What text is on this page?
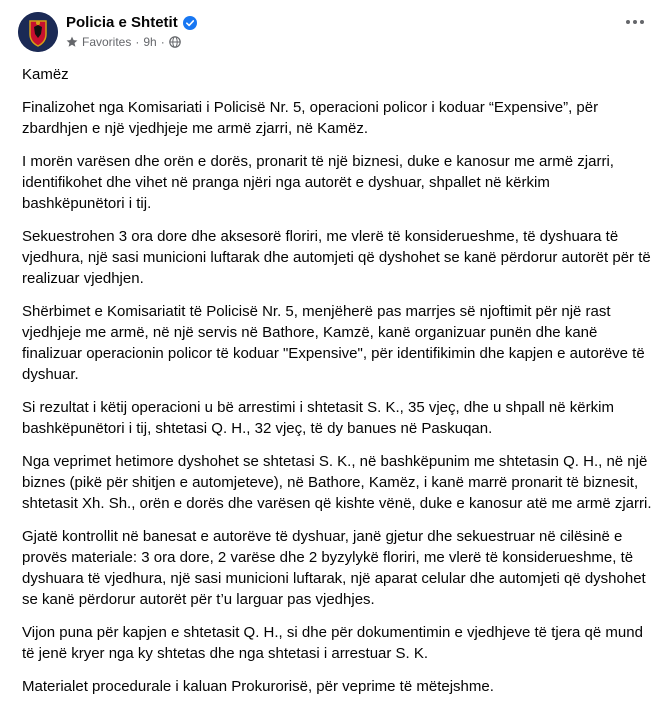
Policia e Shtetit
Favorites · 9h ·

Kamëz

Finalizohet nga Komisariati i Policisë Nr. 5, operacioni policor i koduar “Expensive”, për zbardhjen e një vjedhjeje me armë zjarri, në Kamëz.

I morën varësen dhe orën e dorës, pronarit të një biznesi, duke e kanosur me armë zjarri, identifikohet dhe vihet në pranga njëri nga autorët e dyshuar, shpallet në kërkim bashkëpunëtori i tij.

Sekuestrohen 3 ora dore dhe aksesorë floriri, me vlerë të konsiderueshme, të dyshuara të vjedhura, një sasi municioni luftarak dhe automjeti që dyshohet se kanë përdorur autorët për të realizuar vjedhjen.

Shërbimet e Komisariatit të Policisë Nr. 5, menjëherë pas marrjes së njoftimit për një rast vjedhjeje me armë, në një servis në Bathore, Kamzë, kanë organizuar punën dhe kanë finalizuar operacionin policor të koduar "Expensive", për identifikimin dhe kapjen e autorëve të dyshuar.

Si rezultat i këtij operacioni u bë arrestimi i shtetasit S. K., 35 vjeç, dhe u shpall në kërkim bashkëpunëtori i tij, shtetasi Q. H., 32 vjeç, të dy banues në Paskuqan.

Nga veprimet hetimore dyshohet se shtetasi S. K., në bashkëpunim me shtetasin Q. H., në një biznes (pikë për shitjen e automjeteve), në Bathore, Kamëz, i kanë marrë pronarit të biznesit, shtetasit Xh. Sh., orën e dorës dhe varësen që kishte vënë, duke e kanosur atë me armë zjarri.

Gjatë kontrollit në banesat e autorëve të dyshuar, janë gjetur dhe sekuestruar në cilësinë e provës materiale: 3 ora dore, 2 varëse dhe 2 byzylykë floriri, me vlerë të konsiderueshme, të dyshuara të vjedhura, një sasi municioni luftarak, një aparat celular dhe automjeti që dyshohet se kanë përdorur autorët për t’u larguar pas vjedhjes.

Vijon puna për kapjen e shtetasit Q. H., si dhe për dokumentimin e vjedhjeve të tjera që mund të jenë kryer nga ky shtetas dhe nga shtetasi i arrestuar S. K.

Materialet procedurale i kaluan Prokurorisë, për veprime të mëtejshme.
